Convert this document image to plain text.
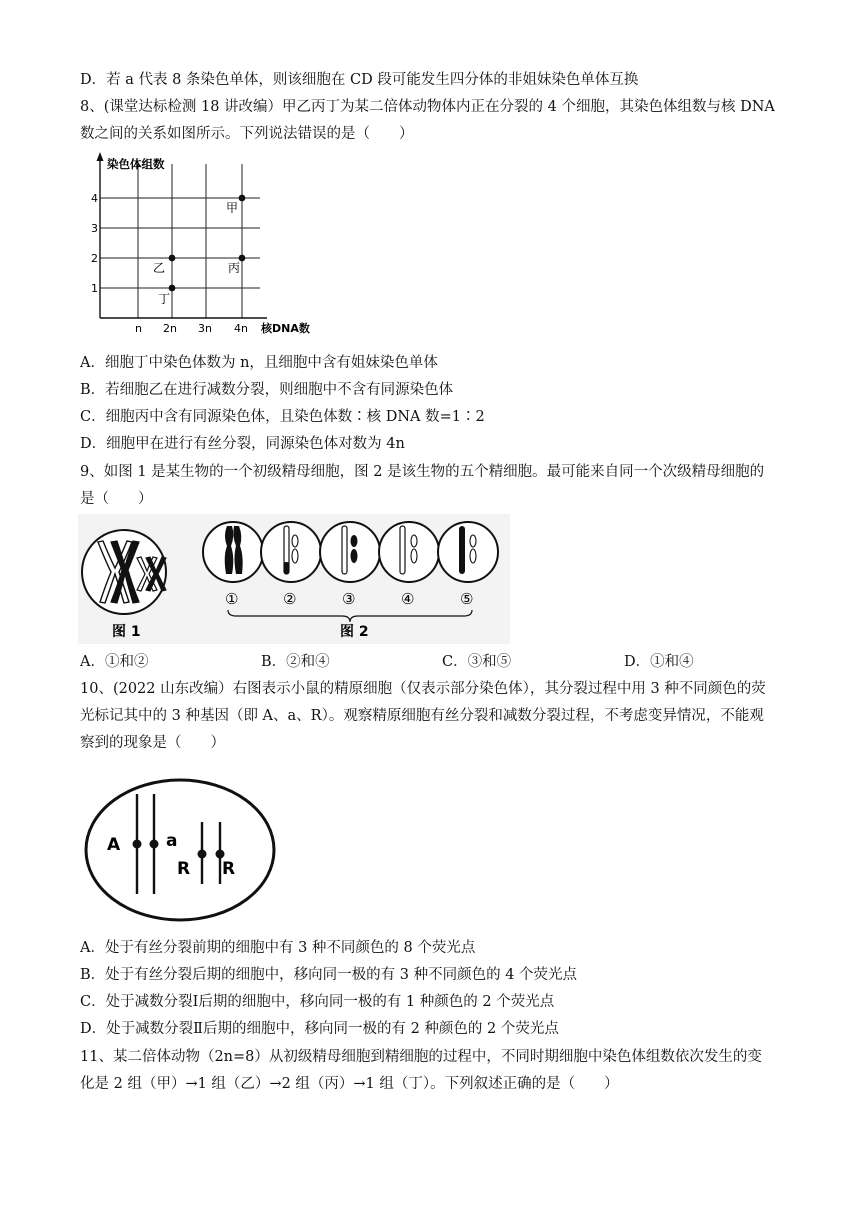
D．若 a 代表 8 条染色单体，则该细胞在 CD 段可能发生四分体的非姐妹染色单体互换
8、(课堂达标检测 18 讲改编）甲乙丙丁为某二倍体动物体内正在分裂的 4 个细胞，其染色体组数与核 DNA
数之间的关系如图所示。下列说法错误的是（　　）
染色体组数
核DNA数
4
3
2
1
n 2n 3n 4n
甲
乙	丙
丁
A．细胞丁中染色体数为 n，且细胞中含有姐妹染色单体
B．若细胞乙在进行减数分裂，则细胞中不含有同源染色体
C．细胞丙中含有同源染色体，且染色体数∶核 DNA 数=1∶2
D．细胞甲在进行有丝分裂，同源染色体对数为 4n
9、如图 1 是某生物的一个初级精母细胞，图 2 是该生物的五个精细胞。最可能来自同一个次级精母细胞的
是（　　）
图 1
①	②	③	④	⑤
图 2
A．①和②	B．②和④	C．③和⑤	D．①和④
10、(2022 山东改编）右图表示小鼠的精原细胞（仅表示部分染色体），其分裂过程中用 3 种不同颜色的荧
光标记其中的 3 种基因（即 A、a、R）。观察精原细胞有丝分裂和减数分裂过程，不考虑变异情况，不能观
察到的现象是（　　）
A	a
R R
A．处于有丝分裂前期的细胞中有 3 种不同颜色的 8 个荧光点
B．处于有丝分裂后期的细胞中，移向同一极的有 3 种不同颜色的 4 个荧光点
C．处于减数分裂Ⅰ后期的细胞中，移向同一极的有 1 种颜色的 2 个荧光点
D．处于减数分裂Ⅱ后期的细胞中，移向同一极的有 2 种颜色的 2 个荧光点
11、某二倍体动物（2n=8）从初级精母细胞到精细胞的过程中，不同时期细胞中染色体组数依次发生的变
化是 2 组（甲）→1 组（乙）→2 组（丙）→1 组（丁）。下列叙述正确的是（　　）
